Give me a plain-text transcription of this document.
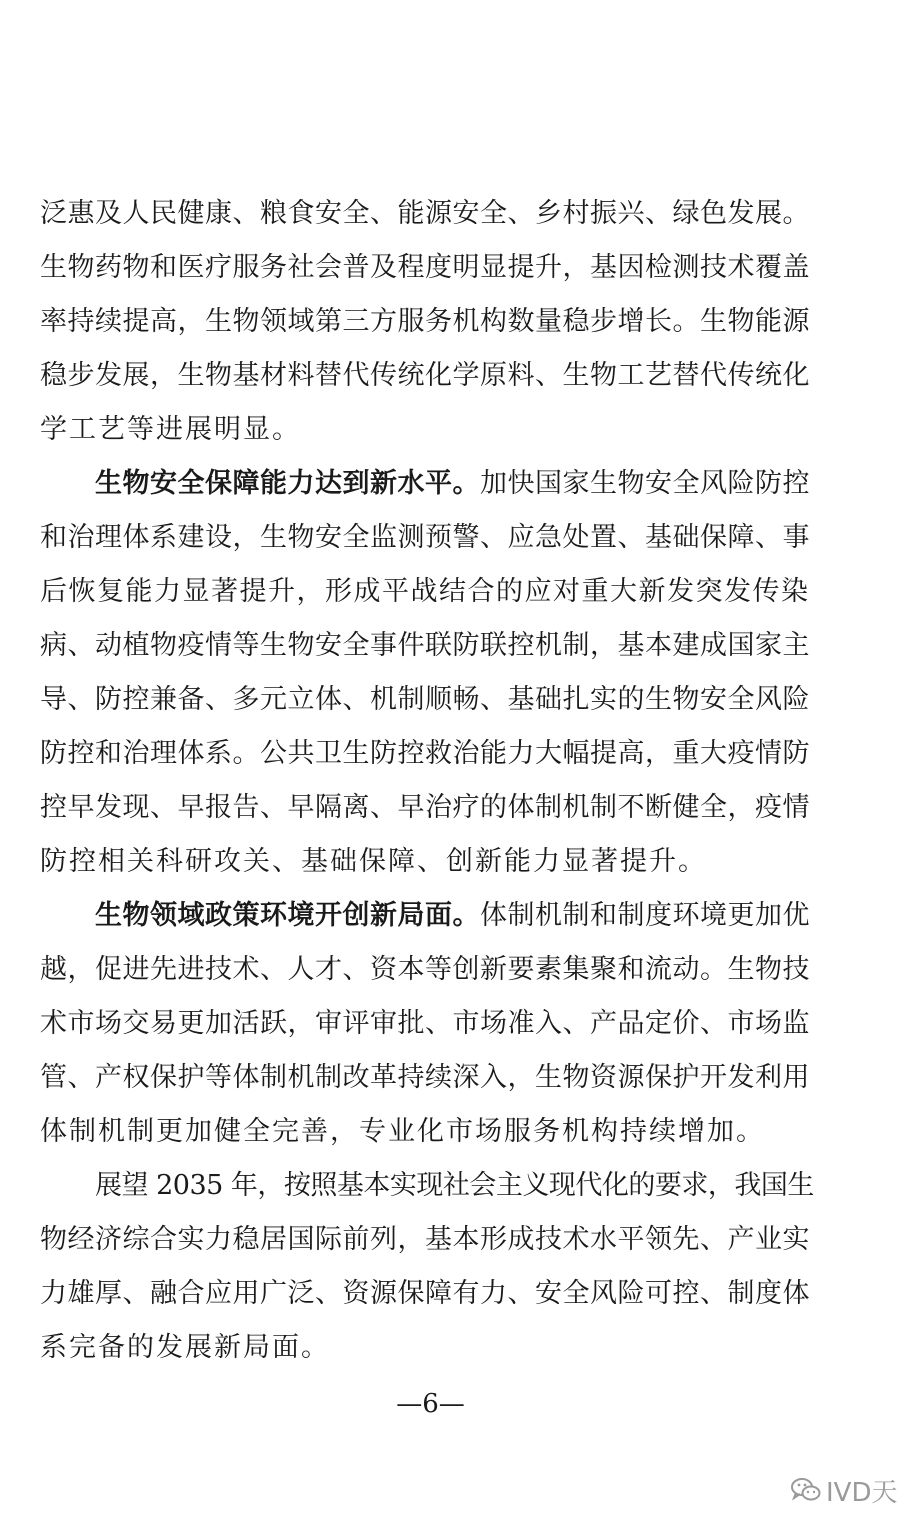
泛惠及人民健康、粮食安全、能源安全、乡村振兴、绿色发展。
生物药物和医疗服务社会普及程度明显提升，基因检测技术覆盖
率持续提高，生物领域第三方服务机构数量稳步增长。生物能源
稳步发展，生物基材料替代传统化学原料、生物工艺替代传统化
学工艺等进展明显。
生物安全保障能力达到新水平。加快国家生物安全风险防控
和治理体系建设，生物安全监测预警、应急处置、基础保障、事
后恢复能力显著提升，形成平战结合的应对重大新发突发传染
病、动植物疫情等生物安全事件联防联控机制，基本建成国家主
导、防控兼备、多元立体、机制顺畅、基础扎实的生物安全风险
防控和治理体系。公共卫生防控救治能力大幅提高，重大疫情防
控早发现、早报告、早隔离、早治疗的体制机制不断健全，疫情
防控相关科研攻关、基础保障、创新能力显著提升。
生物领域政策环境开创新局面。体制机制和制度环境更加优
越，促进先进技术、人才、资本等创新要素集聚和流动。生物技
术市场交易更加活跃，审评审批、市场准入、产品定价、市场监
管、产权保护等体制机制改革持续深入，生物资源保护开发利用
体制机制更加健全完善，专业化市场服务机构持续增加。
展望 2035 年，按照基本实现社会主义现代化的要求，我国生
物经济综合实力稳居国际前列，基本形成技术水平领先、产业实
力雄厚、融合应用广泛、资源保障有力、安全风险可控、制度体
系完备的发展新局面。
—6—
IVD天
